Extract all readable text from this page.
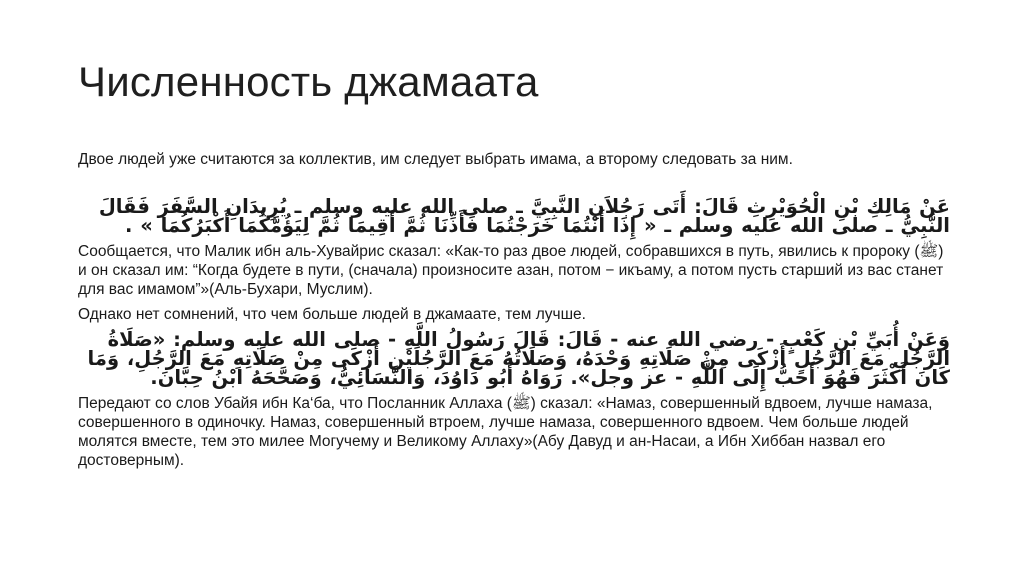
Численность джамаата

Двое людей уже считаются за коллектив, им следует выбрать имама, а второму следовать за ним.

عَنْ مَالِكِ بْنِ الْحُوَيْرِثِ قَالَ: أَتَى رَجُلاَنِ النَّبِيَّ ـ صلى الله عليه وسلم ـ يُرِيدَانِ السَّفَرَ فَقَالَ النَّبِيُّ ـ صلى الله عليه وسلم ـ « إِذَا أَنْتُمَا خَرَجْتُمَا فَأَذِّنَا ثُمَّ أَقِيمَا ثُمَّ لِيَؤُمَّكُمَا أَكْبَرُكُمَا » .

Сообщается, что Малик ибн аль-Хувайрис сказал: «Как-то раз двое людей, собравшихся в путь, явились к пророку (ﷺ) и он сказал им: “Когда будете в пути, (сначала) произносите азан, потом − икъаму, а потом пусть старший из вас станет для вас имамом”»(Аль-Бухари, Муслим).

Однако нет сомнений, что чем больше людей в джамаате, тем лучше.

وَعَنْ أُبَيِّ بْنِ كَعْبٍ - رضي الله عنه - قَالَ: قَالَ رَسُولُ اللَّهِ - صلى الله عليه وسلم: «صَلَاةُ الرَّجُلِ مَعَ الرَّجُلِ أَزْكَى مِنْ صَلَاتِهِ وَحْدَهُ، وَصَلَاتُهُ مَعَ الرَّجُلَيْنِ أَزْكَى مِنْ صَلَاتِهِ مَعَ الرَّجُلِ، وَمَا كَانَ أَكْثَرَ فَهُوَ أَحَبُّ إِلَى اللَّهِ - عز وجل». رَوَاهُ أَبُو دَاوُدَ، وَالنَّسَائِيُّ، وَصَحَّحَهُ ابْنُ حِبَّانَ.

Передают со слов Убайя ибн Ка‘ба, что Посланник Аллаха (ﷺ) сказал: «Намаз, совершенный вдвоем, лучше намаза, совершенного в одиночку. Намаз, совершенный втроем, лучше намаза, совершенного вдвоем. Чем больше людей молятся вместе, тем это милее Могучему и Великому Аллаху»(Абу Давуд и ан-Насаи, а Ибн Хиббан назвал его достоверным).
